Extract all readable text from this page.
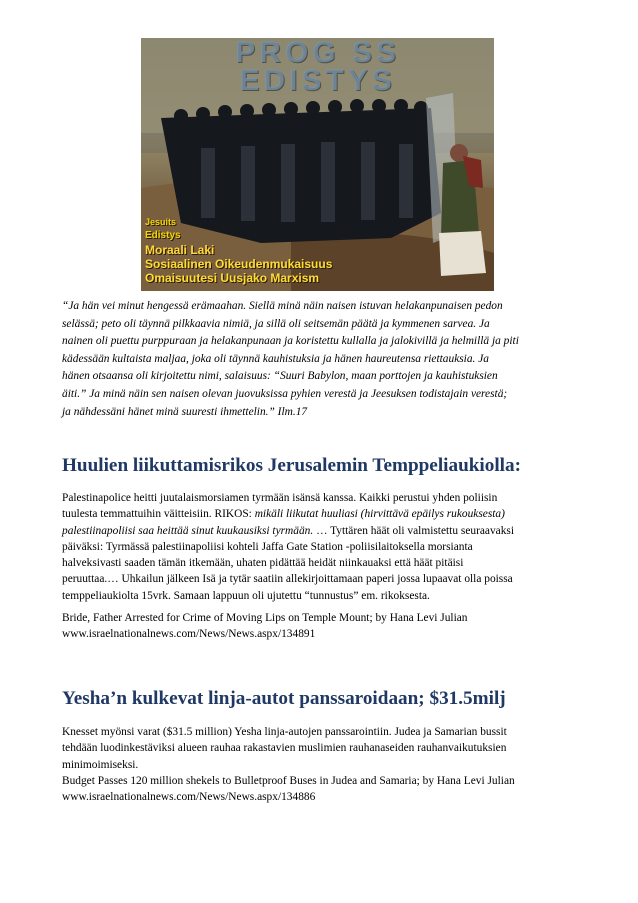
PROG SS
EDISTYS
Jesuits
Edistys
Moraali Laki
Sosiaalinen Oikeudenmukaisuus
Omaisuutesi Uusjako Marxism
“Ja hän vei minut hengessä erämaahan. Siellä minä näin naisen istuvan helakanpunaisen pedon
selässä; peto oli täynnä pilkkaavia nimiä, ja sillä oli seitsemän päätä ja kymmenen sarvea. Ja
nainen oli puettu purppuraan ja helakanpunaan ja koristettu kullalla ja jalokivillä ja helmillä ja piti
kädessään kultaista maljaa, joka oli täynnä kauhistuksia ja hänen haureutensa riettauksia. Ja
hänen otsaansa oli kirjoitettu nimi, salaisuus: “Suuri Babylon, maan porttojen ja kauhistuksien
äiti.” Ja minä näin sen naisen olevan juovuksissa pyhien verestä ja Jeesuksen todistajain verestä;
ja nähdessäni hänet minä suuresti ihmettelin.” Ilm.17
Huulien liikuttamisrikos Jerusalemin Temppeliaukiolla:
Palestinapolice heitti juutalaismorsiamen tyrmään isänsä kanssa. Kaikki perustui yhden poliisin
tuulesta temmattuihin väitteisiin. RIKOS: mikäli liikutat huuliasi (hirvittävä epäilys rukouksesta)
palestiinapoliisi saa heittää sinut kuukausiksi tyrmään. … Tyttären häät oli valmistettu seuraavaksi
päiväksi: Tyrmässä palestiinapoliisi kohteli Jaffa Gate Station -poliisilaitoksella morsianta
halveksivasti saaden tämän itkemään, uhaten pidättää heidät niinkauaksi että häät pitäisi
peruuttaa.… Uhkailun jälkeen Isä ja tytär saatiin allekirjoittamaan paperi jossa lupaavat olla poissa
temppeliaukiolta 15vrk. Samaan lappuun oli ujutettu “tunnustus” em. rikoksesta.
Bride, Father Arrested for Crime of Moving Lips on Temple Mount; by Hana Levi Julian
www.israelnationalnews.com/News/News.aspx/134891
Yesha’n kulkevat linja-autot panssaroidaan; $31.5milj
Knesset myönsi varat ($31.5 million) Yesha linja-autojen panssarointiin. Judea ja Samarian bussit
tehdään luodinkestäviksi alueen rauhaa rakastavien muslimien rauhanaseiden rauhanvaikutuksien
minimoimiseksi.
Budget Passes 120 million shekels to Bulletproof Buses in Judea and Samaria; by Hana Levi Julian
www.israelnationalnews.com/News/News.aspx/134886
